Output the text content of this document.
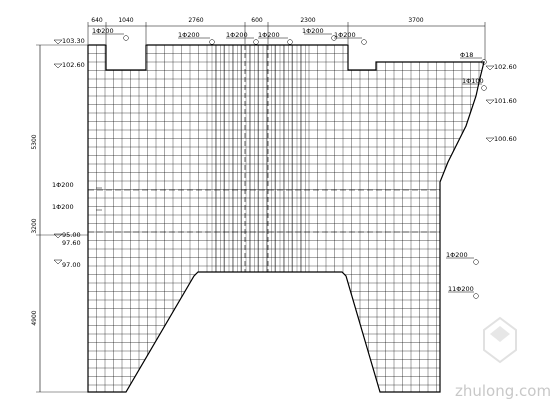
640	1040	2760	600	2300	3700
3200
5300
4900
103.30
102.60
95.00
97.60
97.00
102.60
101.60
100.60
1Φ200	1Φ200	1Φ200 1Φ200	1Φ200 1Φ200
1Φ200
1Φ200
Φ18
1Φ100
1Φ200
11Φ200
zhulong.com
